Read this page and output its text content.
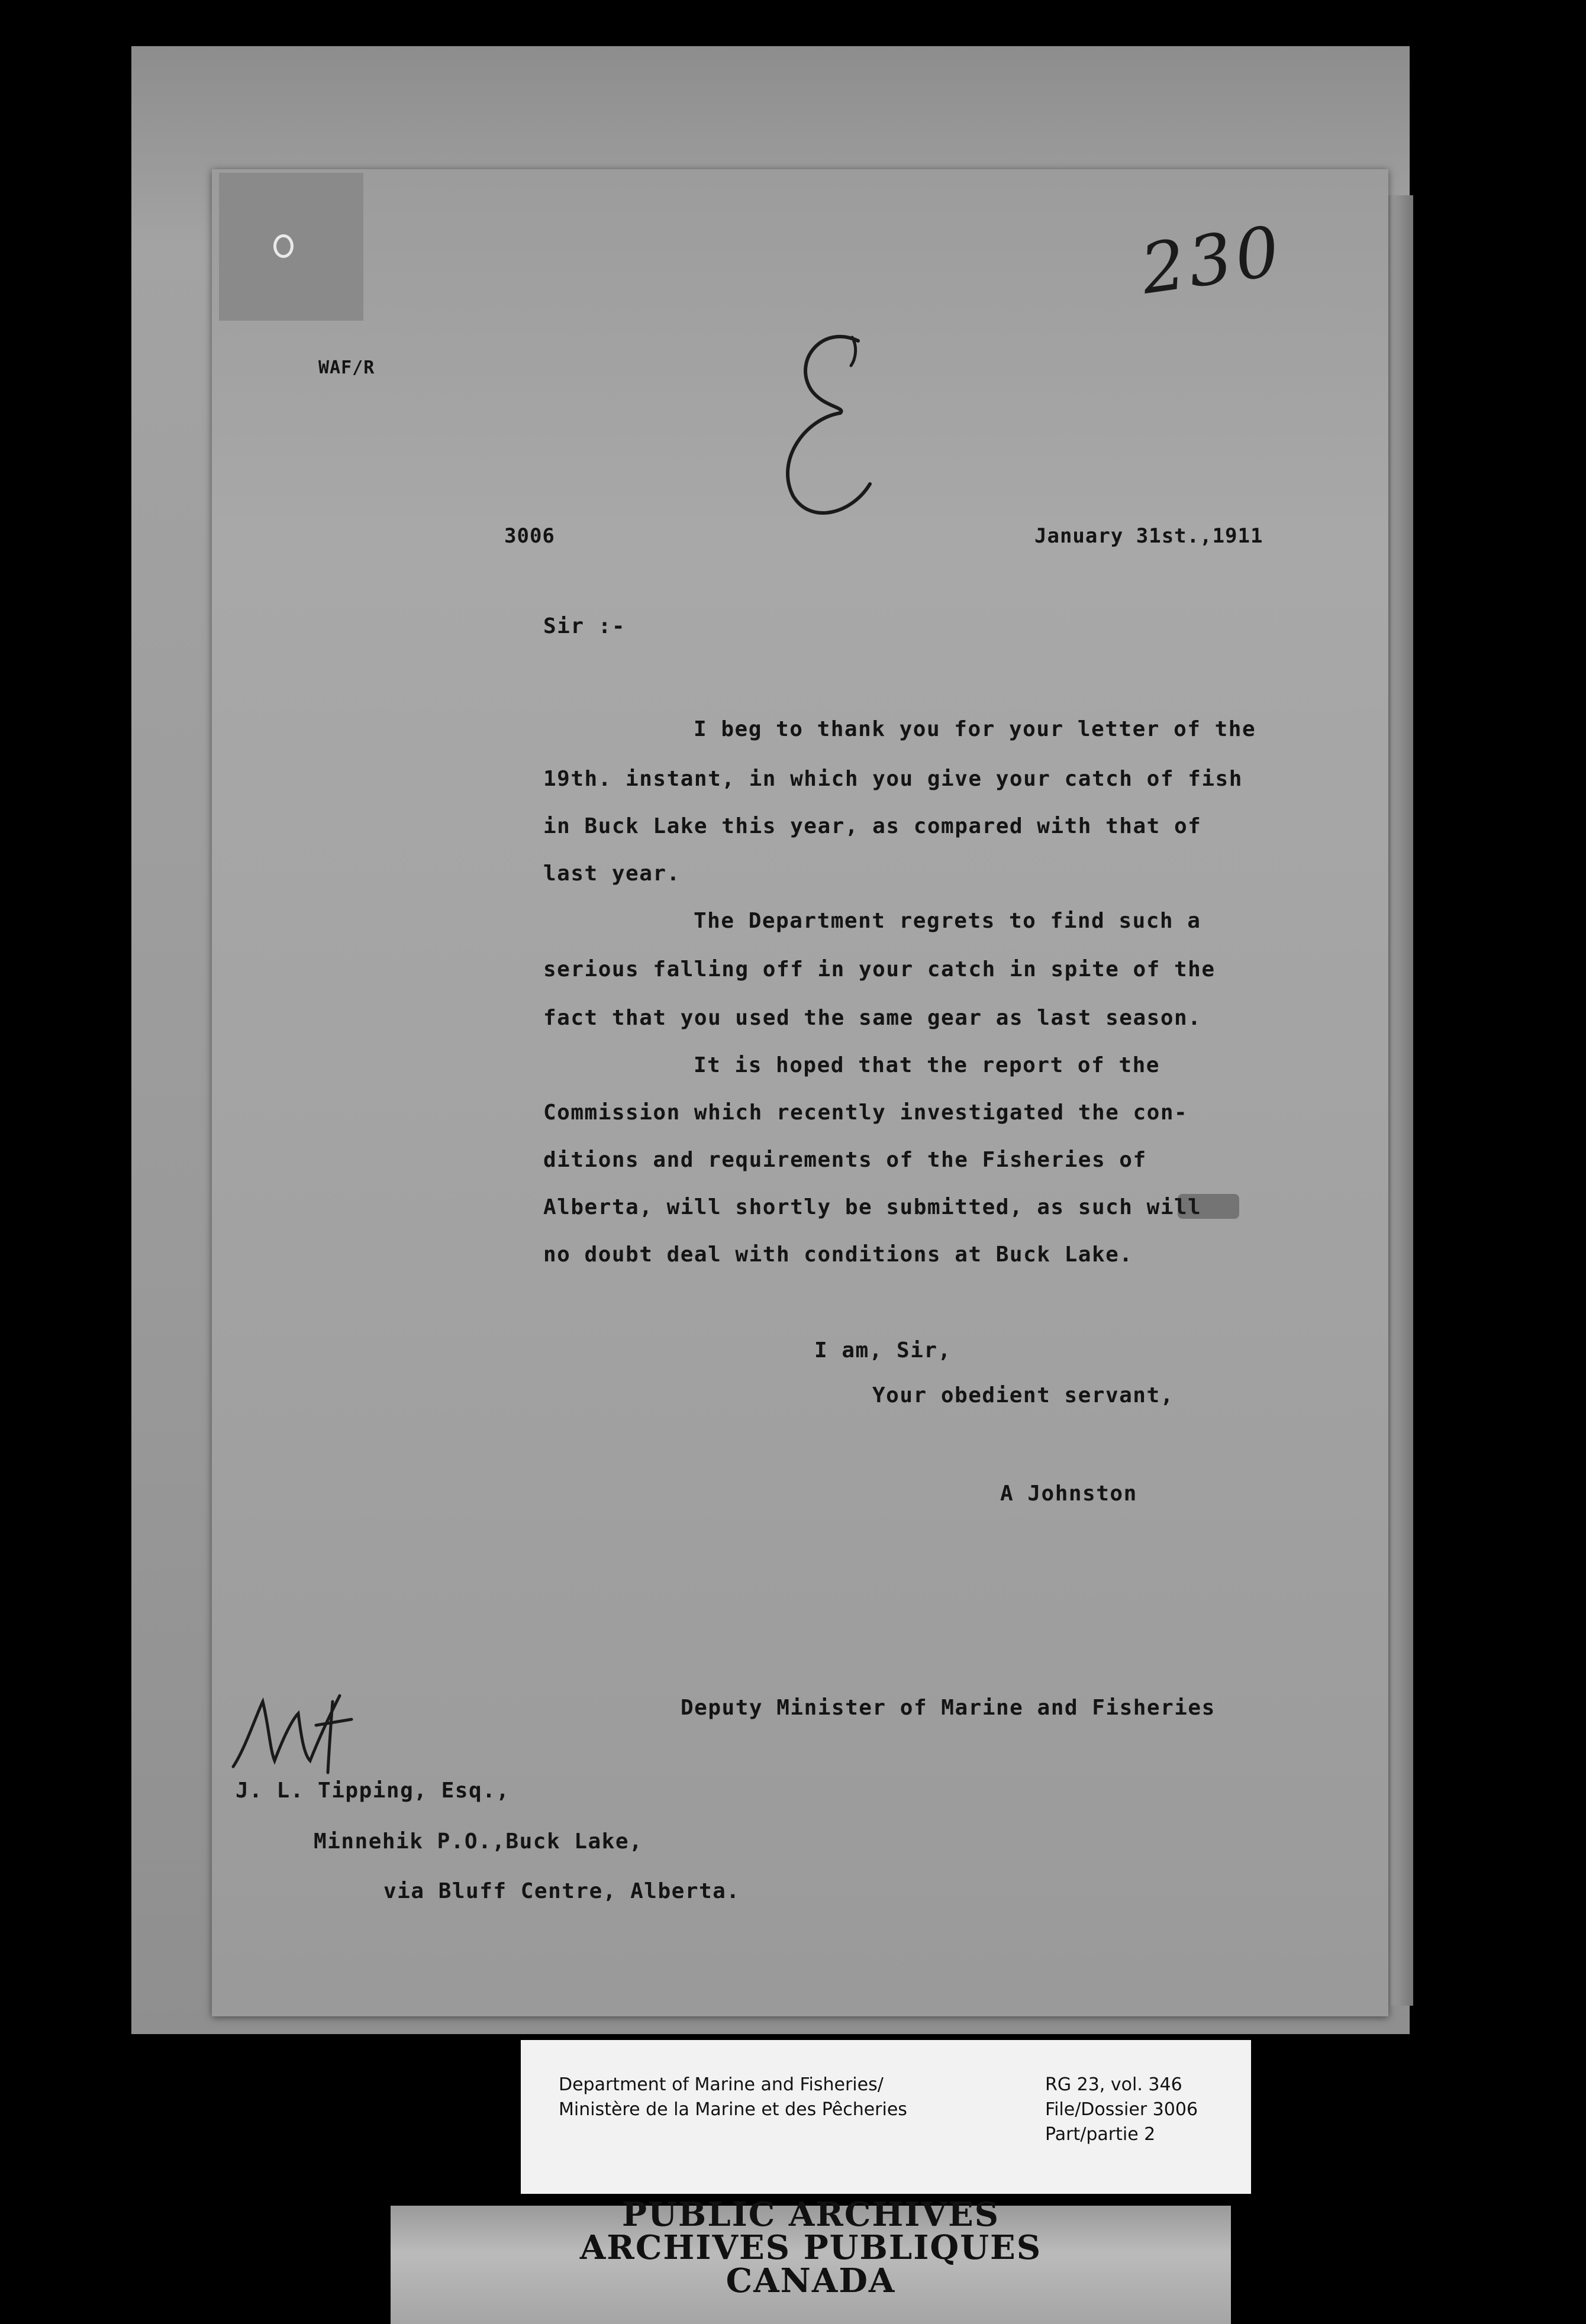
230
WAF/R
3006	January 31st.,1911
Sir :-
I beg to thank you for your letter of the
19th. instant, in which you give your catch of fish
in Buck Lake this year, as compared with that of
last year.
The Department regrets to find such a
serious falling off in your catch in spite of the
fact that you used the same gear as last season.
It is hoped that the report of the
Commission which recently investigated the con-
ditions and requirements of the Fisheries of
Alberta, will shortly be submitted, as such will
no doubt deal with conditions at Buck Lake.
I am, Sir,
Your obedient servant,
A Johnston
Deputy Minister of Marine and Fisheries
J. L. Tipping, Esq.,
Minnehik P.O.,Buck Lake,
via Bluff Centre, Alberta.
Department of Marine and Fisheries/
Ministère de la Marine et des Pêcheries
RG 23, vol. 346
File/Dossier 3006
Part/partie 2
PUBLIC ARCHIVES
ARCHIVES PUBLIQUES
CANADA
